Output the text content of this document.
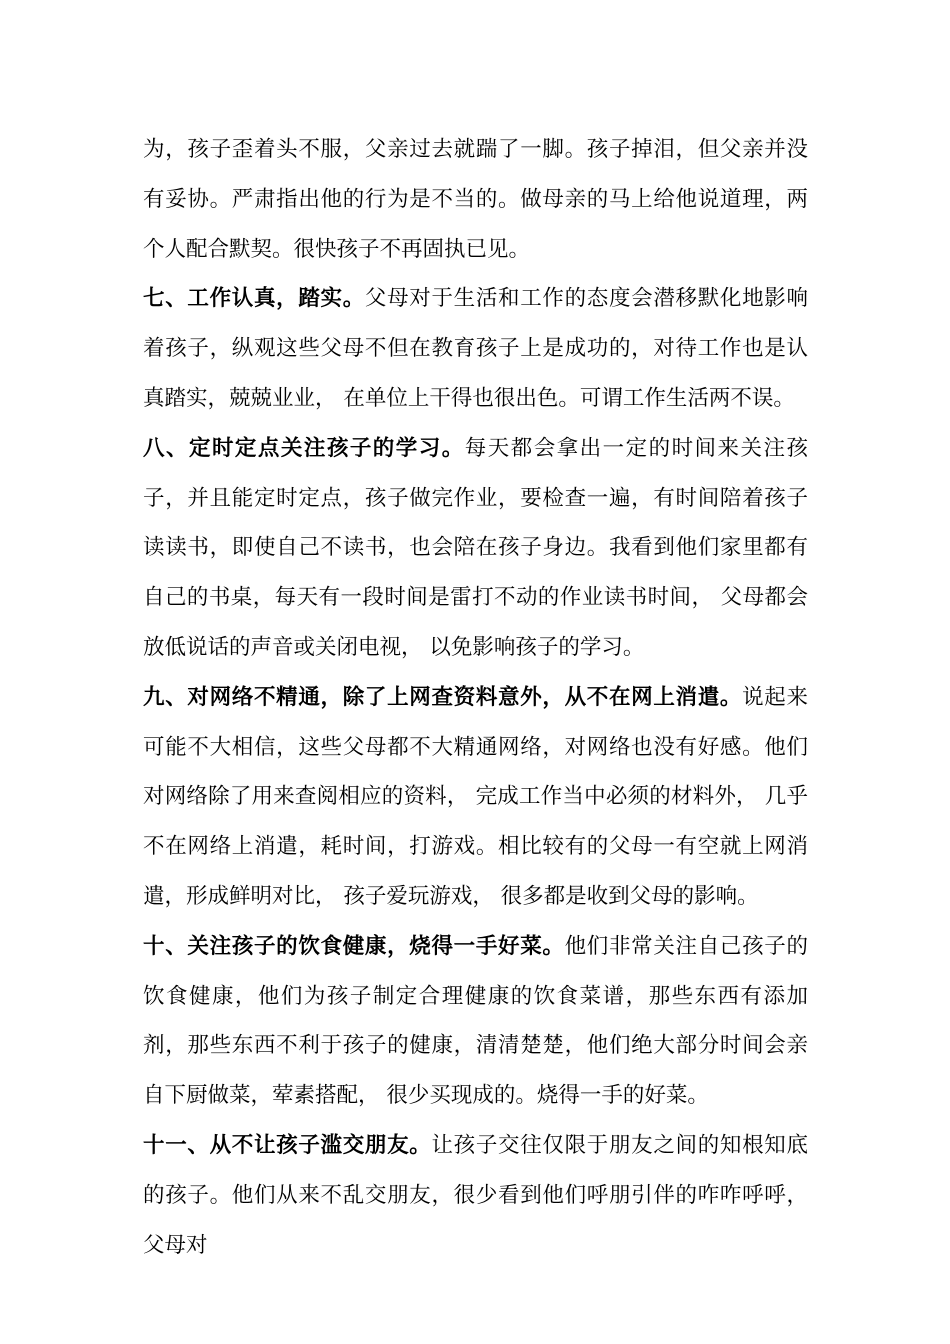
为，孩子歪着头不服，父亲过去就踹了一脚。孩子掉泪，但父亲并没有妥协。严肃指出他的行为是不当的。做母亲的马上给他说道理，两个人配合默契。很快孩子不再固执已见。

七、工作认真，踏实。父母对于生活和工作的态度会潜移默化地影响着孩子，纵观这些父母不但在教育孩子上是成功的，对待工作也是认真踏实，兢兢业业， 在单位上干得也很出色。可谓工作生活两不误。

八、定时定点关注孩子的学习。每天都会拿出一定的时间来关注孩子，并且能定时定点，孩子做完作业，要检查一遍，有时间陪着孩子读读书，即使自己不读书，也会陪在孩子身边。我看到他们家里都有自己的书桌，每天有一段时间是雷打不动的作业读书时间， 父母都会放低说话的声音或关闭电视， 以免影响孩子的学习。

九、对网络不精通，除了上网查资料意外，从不在网上消遣。说起来可能不大相信，这些父母都不大精通网络，对网络也没有好感。他们对网络除了用来查阅相应的资料， 完成工作当中必须的材料外， 几乎不在网络上消遣，耗时间，打游戏。相比较有的父母一有空就上网消遣，形成鲜明对比， 孩子爱玩游戏， 很多都是收到父母的影响。

十、关注孩子的饮食健康，烧得一手好菜。他们非常关注自己孩子的饮食健康，他们为孩子制定合理健康的饮食菜谱，那些东西有添加剂，那些东西不利于孩子的健康，清清楚楚，他们绝大部分时间会亲自下厨做菜，荤素搭配， 很少买现成的。烧得一手的好菜。

十一、从不让孩子滥交朋友。让孩子交往仅限于朋友之间的知根知底的孩子。他们从来不乱交朋友，很少看到他们呼朋引伴的咋咋呼呼，父母对
